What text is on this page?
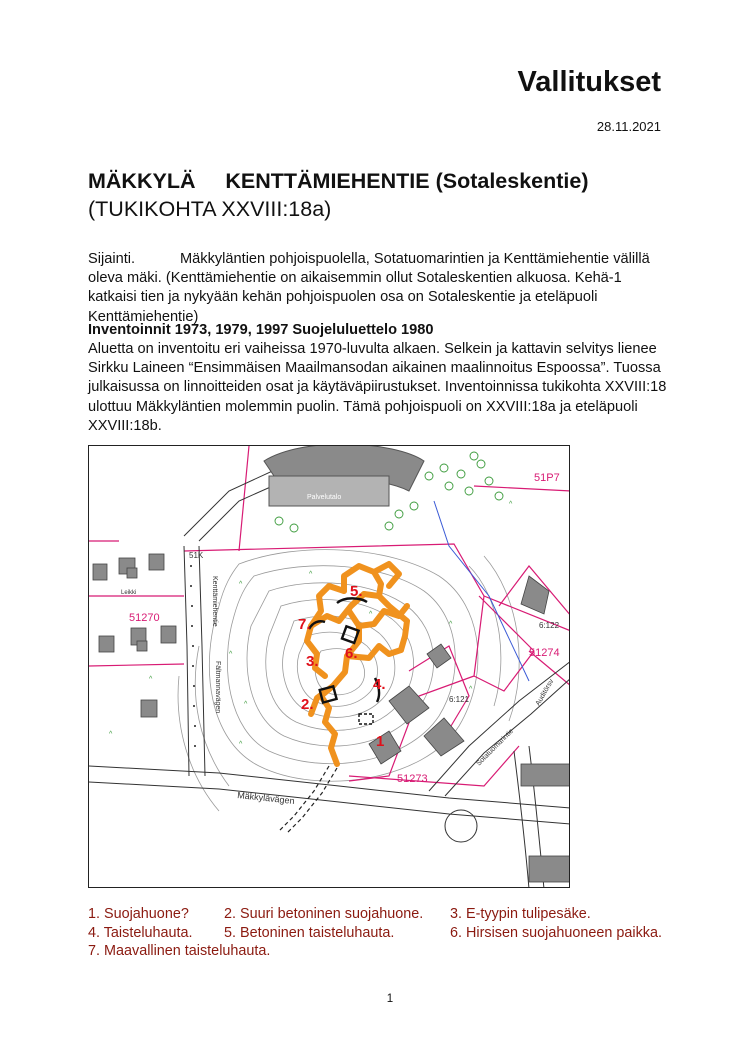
Vallitukset
28.11.2021
MÄKKYLÄ     KENTTÄMIEHENTIE (Sotaleskentie)
(TUKIKOHTA XXVIII:18a)

Sijainti.	Mäkkyläntien pohjoispuolella, Sotatuomarintien ja Kenttämiehentie välillä oleva mäki. (Kenttämiehentie on aikaisemmin ollut Sotaleskentien alkuosa. Kehä-1 katkaisi tien ja nykyään kehän pohjoispuolen osa on Sotaleskentie ja eteläpuoli Kenttämiehentie)

Inventoinnit 1973, 1979, 1997 Suojeluluettelo 1980

Aluetta on inventoitu eri vaiheissa 1970-luvulta alkaen. Selkein ja kattavin selvitys lienee Sirkku Laineen “Ensimmäisen Maailmansodan aikainen maalinnoitus Espoossa”. Tuossa julkaisussa on linnoitteiden osat ja käytäväpiirustukset. Inventoinnissa tukikohta XXVIII:18 ulottuu Mäkkyläntien molemmin puolin. Tämä pohjoispuoli on XXVIII:18a ja eteläpuoli XXVIII:18b.

Palvelutalo
^
^
^
^
^
^
^
^
^
^
^
^
51P7
51270
51274
51273
51K
6:122
6:121
Leikki
Mäkkylävägen
Kenttämiehentie
Fältmannavägen
Sotatuomarintie
Auditörsv
1
2.
3.
4.
5.
6.
7.
1. Suojahuone? 2. Suuri betoninen suojahuone. 3. E-tyypin tulipesäke.
4. Taisteluhauta. 5. Betoninen taisteluhauta.	6. Hirsisen suojahuoneen paikka.
7. Maavallinen taisteluhauta.
1
